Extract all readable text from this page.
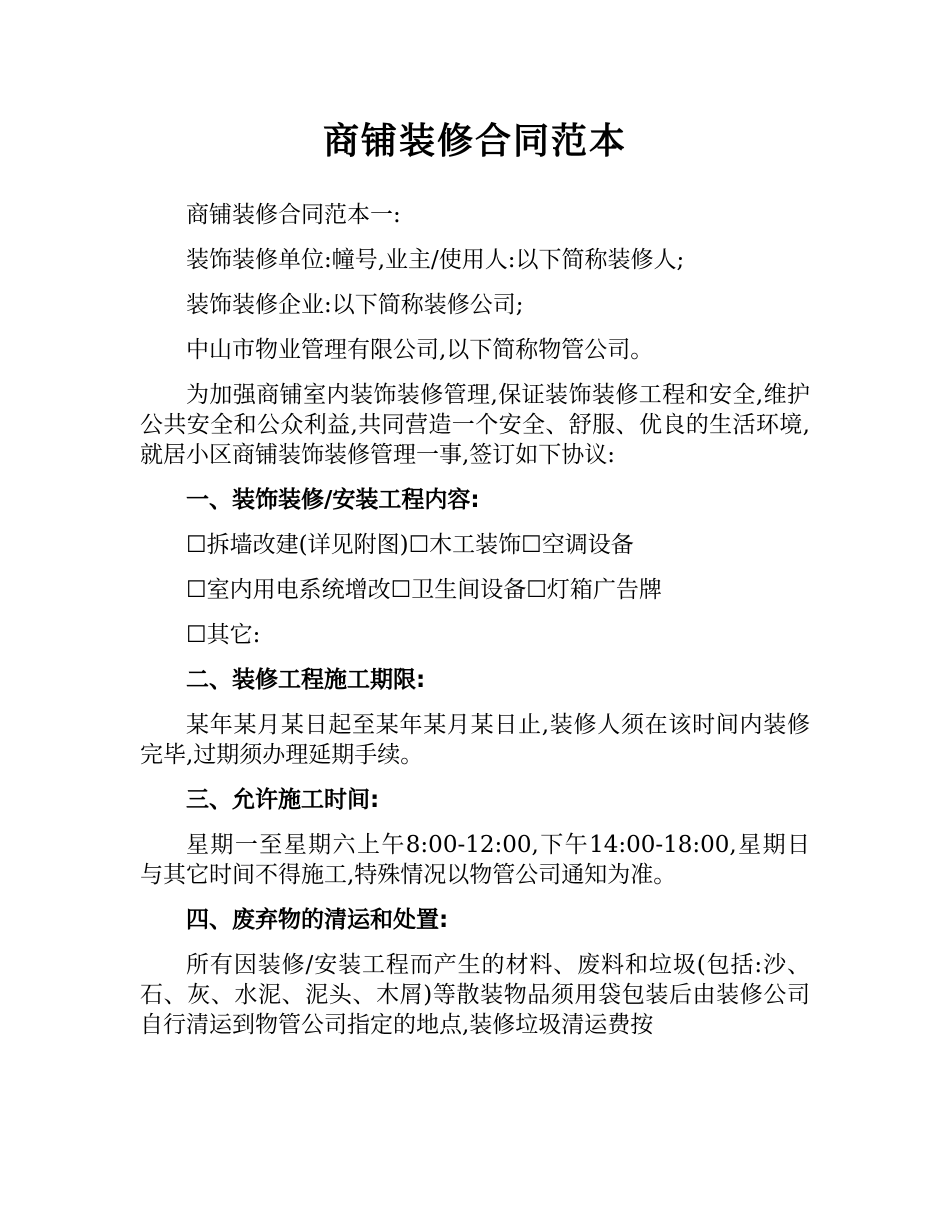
商铺装修合同范本

商铺装修合同范本一:

装饰装修单位:幢号,业主/使用人:以下简称装修人;

装饰装修企业:以下简称装修公司;

中山市物业管理有限公司,以下简称物管公司。

为加强商铺室内装饰装修管理,保证装饰装修工程和安全,维护公共安全和公众利益,共同营造一个安全、舒服、优良的生活环境,就居小区商铺装饰装修管理一事,签订如下协议:

一、装饰装修/安装工程内容:

☐拆墙改建(详见附图)☐木工装饰☐空调设备

☐室内用电系统增改☐卫生间设备☐灯箱广告牌

☐其它:

二、装修工程施工期限:

某年某月某日起至某年某月某日止,装修人须在该时间内装修完毕,过期须办理延期手续。

三、允许施工时间:

星期一至星期六上午8:00-12:00,下午14:00-18:00,星期日与其它时间不得施工,特殊情况以物管公司通知为准。

四、废弃物的清运和处置:

所有因装修/安装工程而产生的材料、废料和垃圾(包括:沙、石、灰、水泥、泥头、木屑)等散装物品须用袋包装后由装修公司自行清运到物管公司指定的地点,装修垃圾清运费按
